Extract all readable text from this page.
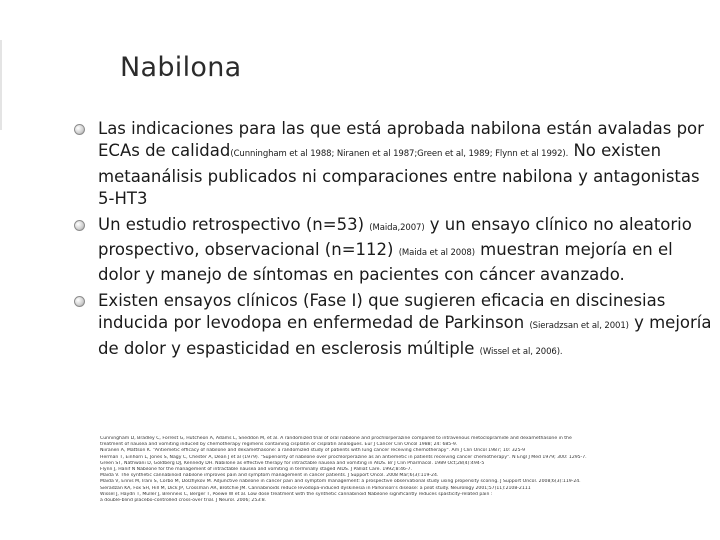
Nabilona
Las indicaciones para las que está aprobada nabilona están avaladas por ECAs de calidad(Cunningham et al 1988; Niranen et al 1987;Green et al, 1989; Flynn et al 1992). No existen metaanálisis publicados ni comparaciones entre nabilona y antagonistas 5-HT3
Un estudio retrospectivo (n=53) (Maida,2007) y un ensayo clínico no aleatorio prospectivo, observacional (n=112) (Maida et al 2008) muestran mejoría en el dolor y manejo de síntomas en pacientes con cáncer avanzado.
Existen ensayos clínicos (Fase I) que sugieren eficacia en discinesias inducida por levodopa en enfermedad de Parkinson (Sieradzsan et al, 2001) y mejoría de dolor y espasticidad en esclerosis múltiple (Wissel et al, 2006).
Cunningham D, Bradley C, Forrest G, Hutcheon A, Adams L, Sneddon M, et al. A randomized trial of oral nabilone and prochlorperazine compared to intravenous metoclopramide and dexamethasone in the
treatment of nausea and vomiting induced by chemotherapy regimens containing cisplatin or cisplatin analogues. Eur J Cancer Clin Oncol 1988; 24: 685-9.
Niiranen A, Mattson K. "Antiemetic efficacy of nabilone and dexamethasone: a randomized study of patients with lung cancer receiving chemotherapy". Am J Clin Oncol 1987; 10: 325-9
Herman T, Einhorn L, Jones S, Nagy C, Chester A, Dean J et al (1979). "Superiority of nabilone over prochlorperazine as an antiemetic in patients receiving cancer chemotherapy". N Engl J Med 1979; 300: 1295-7.
Green ST, Nathwani D, Goldberg DJ, Kennedy DH. Nabilone as effective therapy for intractable nausea and vomiting in AIDS. Br J Clin Pharmacol. 1989 Oct;28(4):494-5
Flynn J, Hanif N Nabilone for the management of intractable nausea and vomiting in terminally staged AIDS. J Palliat Care. 1992;8:46-7.
Maida V. The synthetic cannabinoid nabilone improves pain and symptom management in cancer patients. J Support Oncol. 2008 Mar;6(3):119-24.
Maida V, Ennis M, Irani S, Corbo M, Dolzhykov M. Adjunctive nabilone in cancer pain and symptom management: a prospective observational study using propensity scoring. J Support Oncol. 2008;6(3):119-24.
Sieradzan KA, Fox SH, Hill M, Dick JP, Crossman AR, Brotchie JM. Cannabinoids reduce levodopa-induced dyskinesia in Parkinson's disease: a pilot study. Neurology 2001;57(11):2108-2111
Wissel J, Haydn T, Muller J, Brenneis C, Berger T, Poewe W et al. Low dose treatment with the synthetic cannabinoid Nabilone significantly reduces spasticity-related pain :
a double-blind placebo-controlled cross-over trial. J Neurol. 2006; 253:8.
